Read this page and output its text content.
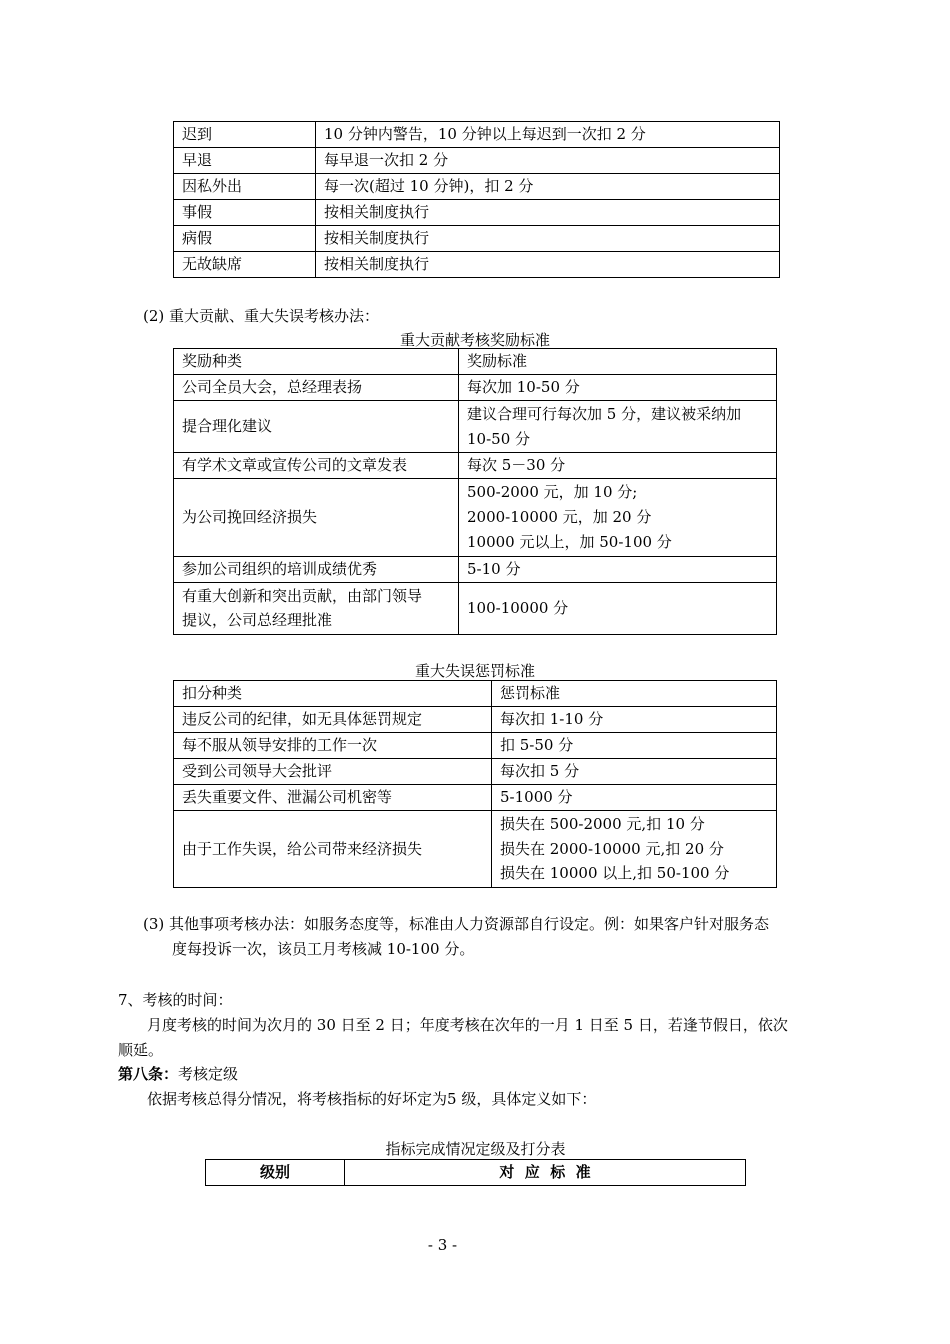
迟到	10 分钟内警告，10 分钟以上每迟到一次扣 2 分
早退	每早退一次扣 2 分
因私外出	每一次(超过 10 分钟)，扣 2 分
事假	按相关制度执行
病假	按相关制度执行
无故缺席	按相关制度执行
(2) 重大贡献、重大失误考核办法：
重大贡献考核奖励标准
奖励种类	奖励标准
公司全员大会，总经理表扬	每次加 10-50 分
提合理化建议	建议合理可行每次加 5 分，建议被采纳加
10-50 分

有学术文章或宣传公司的文章发表	每次 5－30 分
为公司挽回经济损失	500-2000 元，加 10 分;
2000-10000 元，加 20 分
10000 元以上，加 50-100 分

参加公司组织的培训成绩优秀	5-10 分

有重大创新和突出贡献，由部门领导
提议，公司总经理批准	100-10000 分
重大失误惩罚标准
扣分种类	惩罚标准
违反公司的纪律，如无具体惩罚规定	每次扣 1-10 分
每不服从领导安排的工作一次	扣 5-50 分
受到公司领导大会批评	每次扣 5 分
丢失重要文件、泄漏公司机密等	5-1000 分
由于工作失误，给公司带来经济损失	损失在 500-2000 元,扣 10 分
损失在 2000-10000 元,扣 20 分
损失在 10000 以上,扣 50-100 分
(3) 其他事项考核办法：如服务态度等，标准由人力资源部自行设定。例：如果客户针对服务态
度每投诉一次，该员工月考核减 10-100 分。
7、考核的时间：
月度考核的时间为次月的 30 日至 2 日；年度考核在次年的一月 1 日至 5 日，若逢节假日，依次
顺延。
第八条：考核定级
依据考核总得分情况，将考核指标的好坏定为5 级，具体定义如下：
指标完成情况定级及打分表
级别	对  应  标  准
- 3 -
